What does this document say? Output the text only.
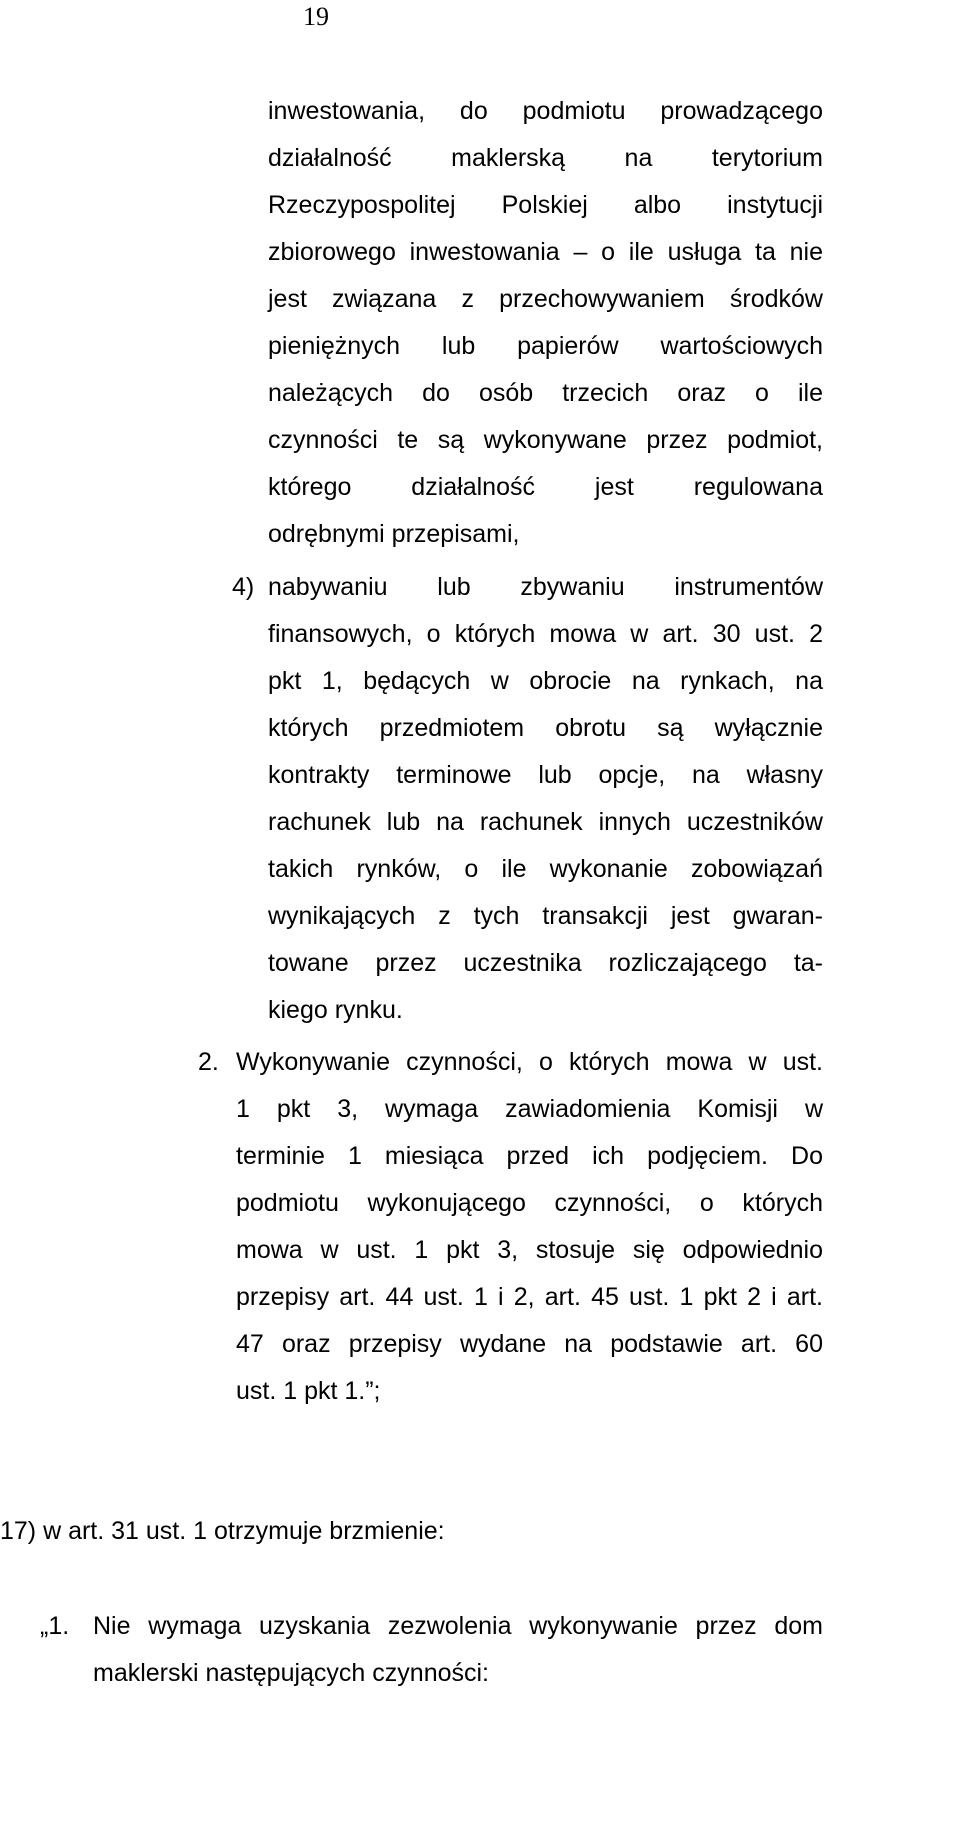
19
inwestowania, do podmiotu prowadzącego
działalność maklerską na terytorium
Rzeczypospolitej Polskiej albo instytucji
zbiorowego inwestowania – o ile usługa ta nie
jest związana z przechowywaniem środków
pieniężnych lub papierów wartościowych
należących do osób trzecich oraz o ile
czynności te są wykonywane przez podmiot,
którego działalność jest regulowana
odrębnymi przepisami,
4) nabywaniu lub zbywaniu instrumentów
finansowych, o których mowa w art. 30 ust. 2
pkt 1, będących w obrocie na rynkach, na
których przedmiotem obrotu są wyłącznie
kontrakty terminowe lub opcje, na własny
rachunek lub na rachunek innych uczestników
takich rynków, o ile wykonanie zobowiązań
wynikających z tych transakcji jest gwaran-
towane przez uczestnika rozliczającego ta-
kiego rynku.
2. Wykonywanie czynności, o których mowa w ust.
1 pkt 3, wymaga zawiadomienia Komisji w
terminie 1 miesiąca przed ich podjęciem. Do
podmiotu wykonującego czynności, o których
mowa w ust. 1 pkt 3, stosuje się odpowiednio
przepisy art. 44 ust. 1 i 2, art. 45 ust. 1 pkt 2 i art.
47 oraz przepisy wydane na podstawie art. 60
ust. 1 pkt 1.”;
17) w art. 31 ust. 1 otrzymuje brzmienie:
„1. Nie wymaga uzyskania zezwolenia wykonywanie przez dom
maklerski następujących czynności:
